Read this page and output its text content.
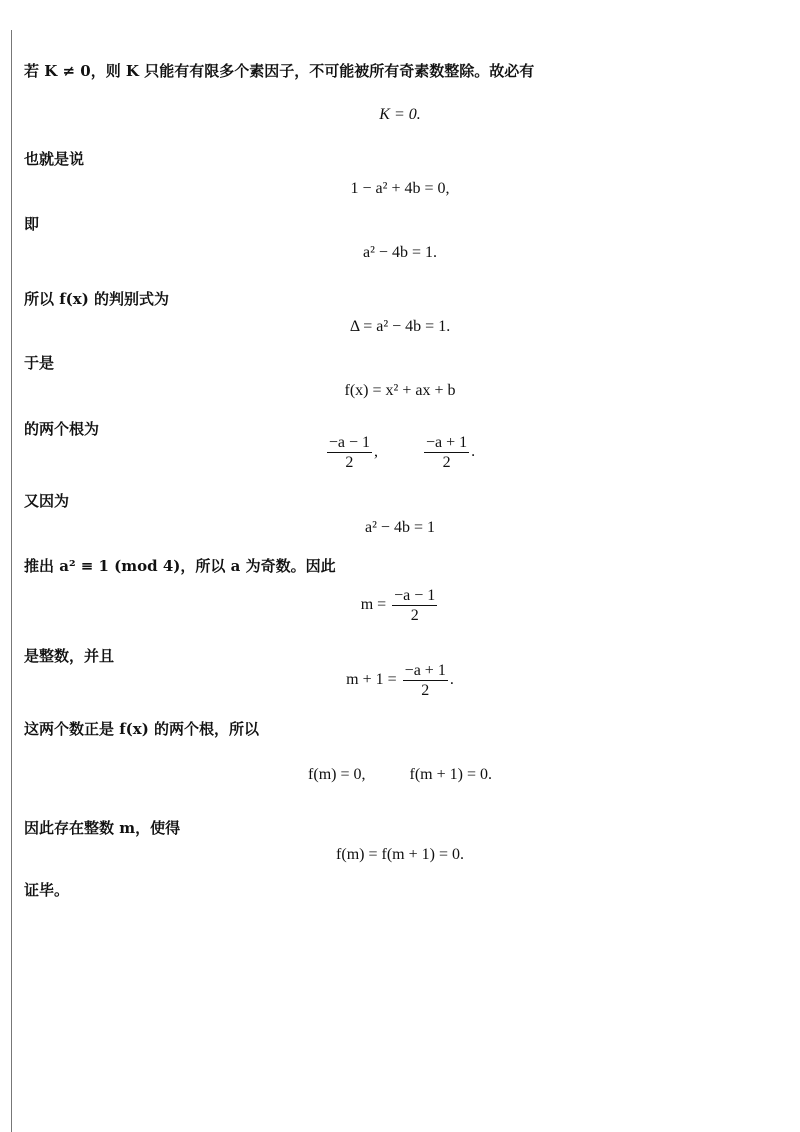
若 K ≠ 0，则 K 只能有有限多个素因子，不可能被所有奇素数整除。故必有
K = 0.
也就是说
1 − a² + 4b = 0,
即
a² − 4b = 1.
所以 f(x) 的判别式为
Δ = a² − 4b = 1.
于是
f(x) = x² + ax + b
的两个根为
$\frac{-a - 1}{2}$ ,	$\frac{-a + 1}{2}$ .
又因为
a² − 4b = 1
推出 a² ≡ 1 (mod 4)，所以 a 为奇数。因此
$m = \frac{-a - 1}{2}$
是整数，并且
$m + 1 = \frac{-a + 1}{2}$ .
这两个数正是 f(x) 的两个根，所以
f(m) = 0,	f(m + 1) = 0.
因此存在整数 m，使得
f(m) = f(m + 1) = 0.
证毕。
